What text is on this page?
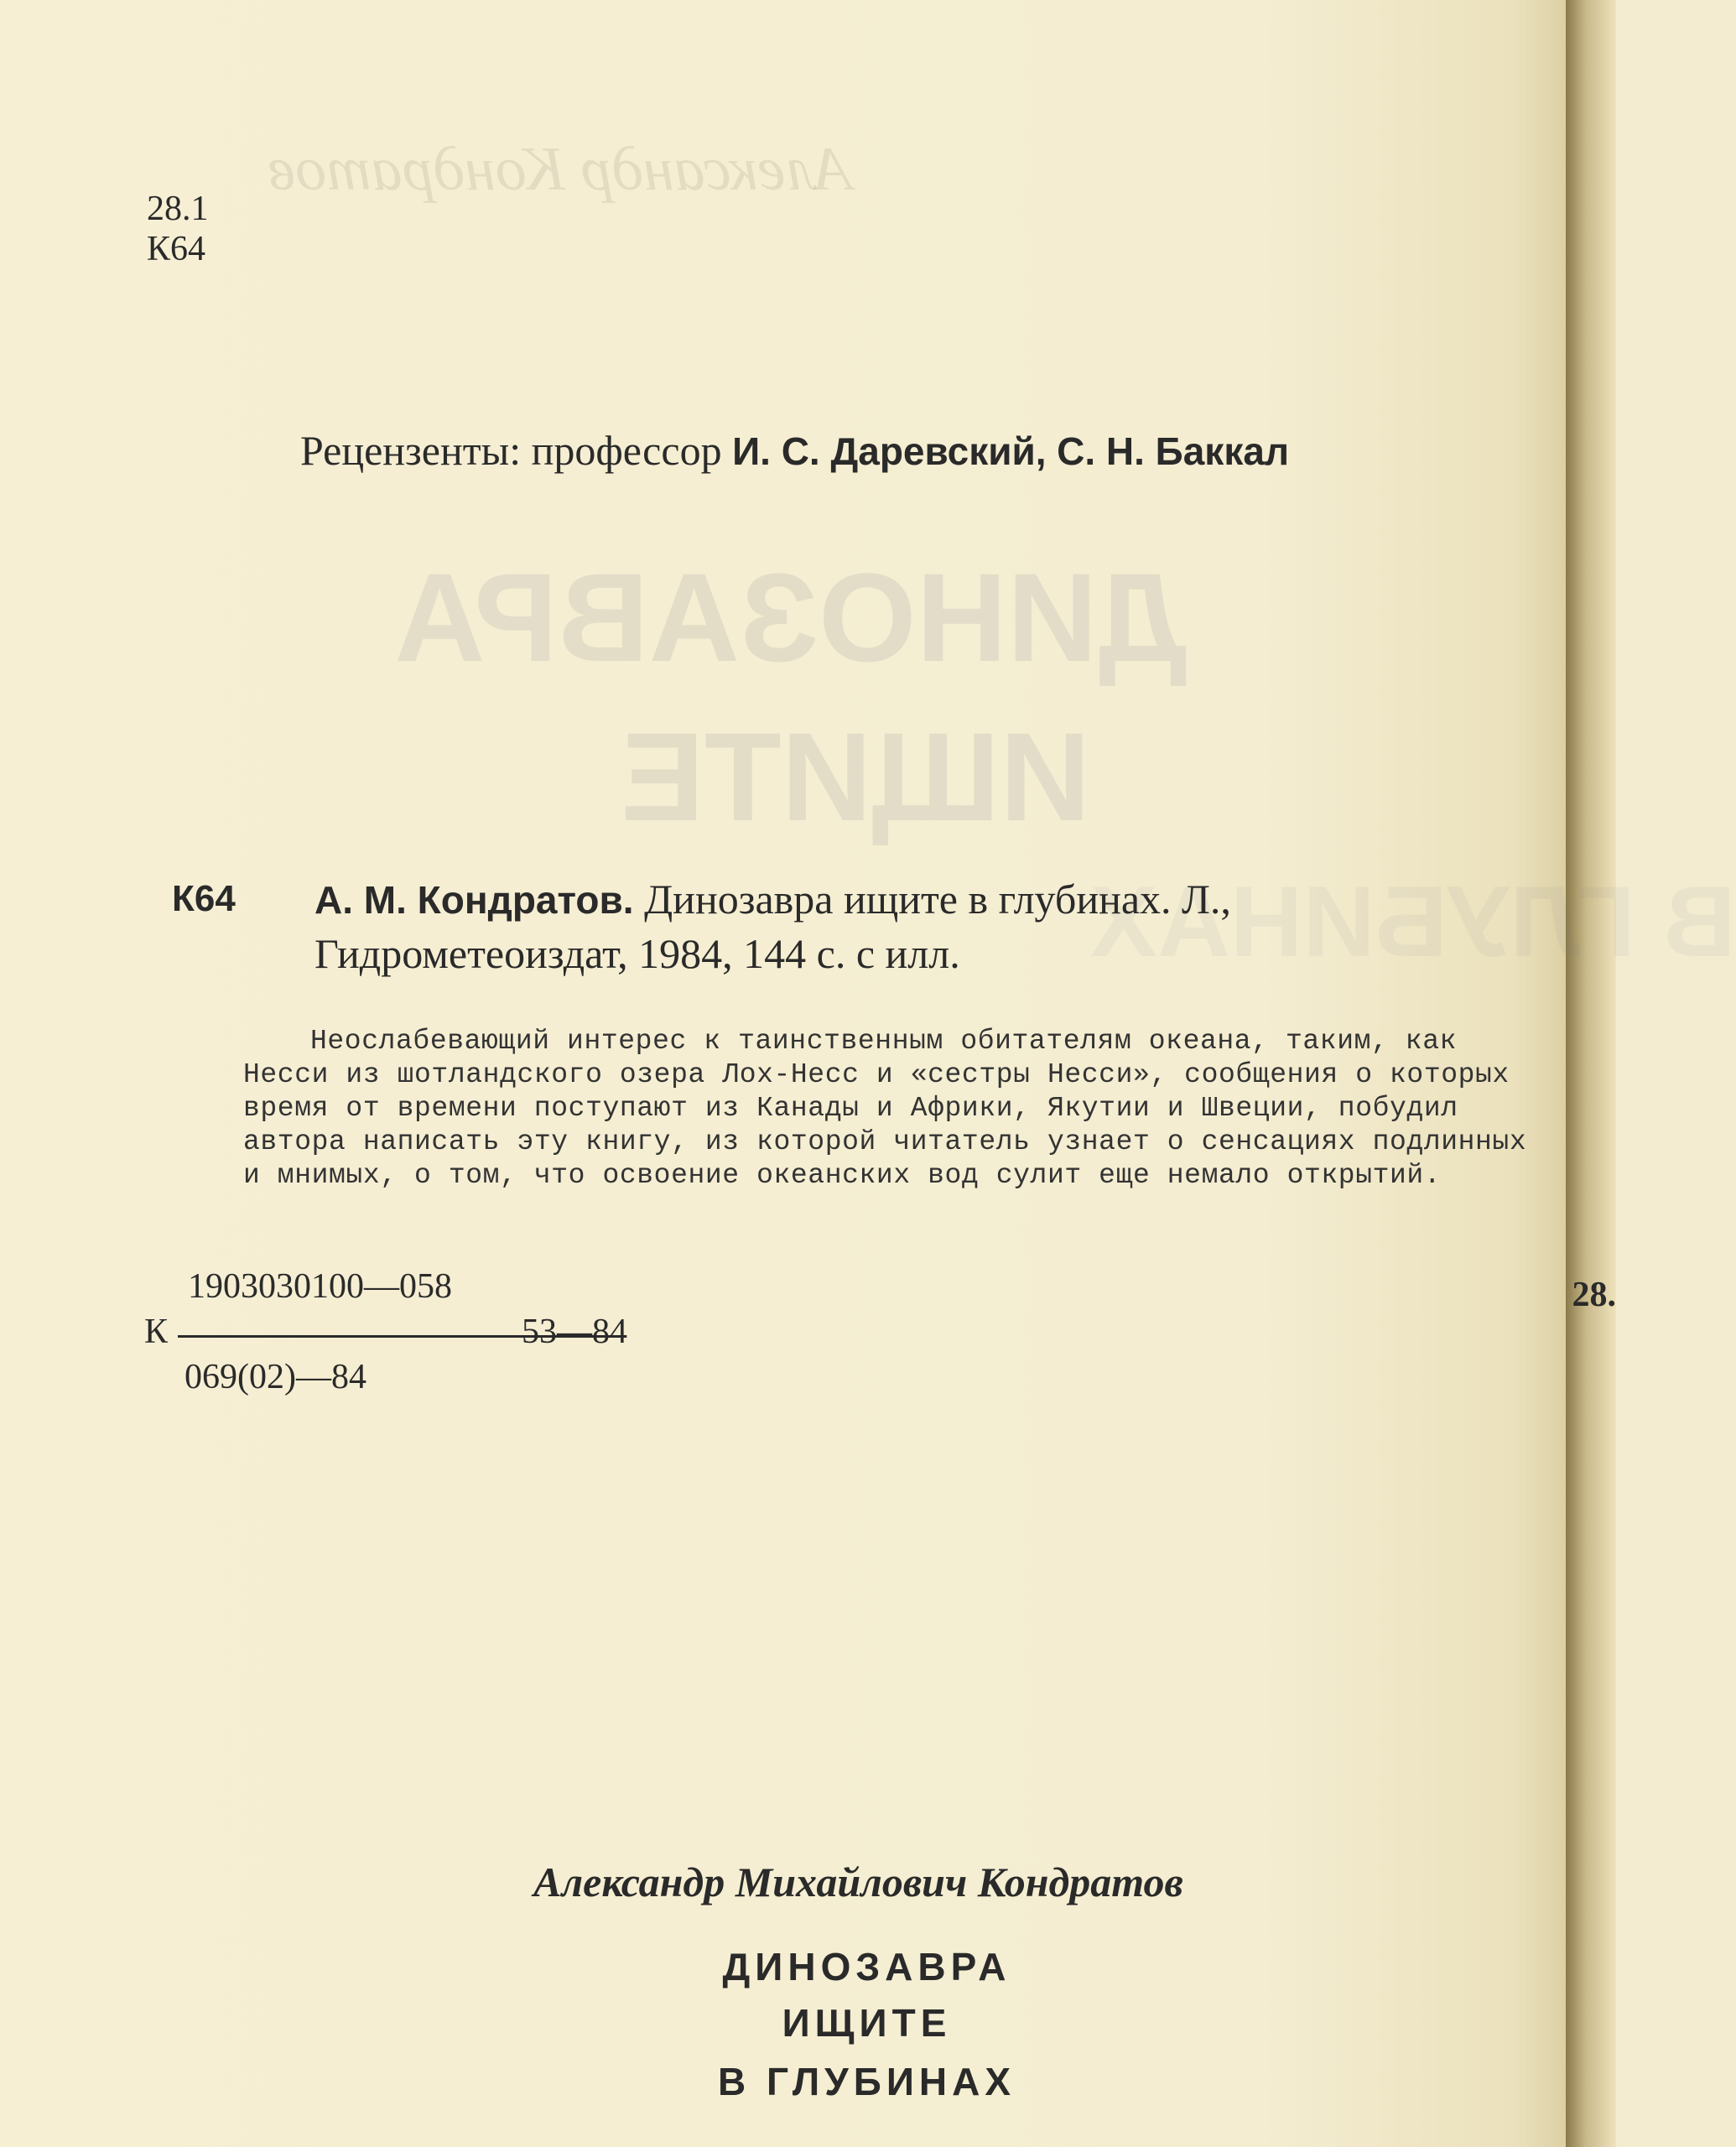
Александр Кондратов
ДИНОЗАВРА
ИЩИТЕ
В ГЛУБИНАХ
28.1
К64
Рецензенты: профессор И. С. Даревский, С. Н. Баккал
К64 А. М. Кондратов. Динозавра ищите в глубинах. Л., Гидрометеоиздат, 1984, 144 с. с илл.
Неослабевающий интерес к таинственным обитателям океана, таким, как Несси из шотландского озера Лох-Несс и «сестры Несси», сообщения о которых время от времени поступают из Канады и Африки, Якутии и Швеции, побудил автора написать эту книгу, из которой читатель узнает о сенсациях подлинных и мнимых, о том, что освоение океанских вод сулит еще немало открытий.
1903030100—058
К	53—84
069(02)—84
28.
Александр Михайлович Кондратов
ДИНОЗАВРА
ИЩИТЕ
В ГЛУБИНАХ
